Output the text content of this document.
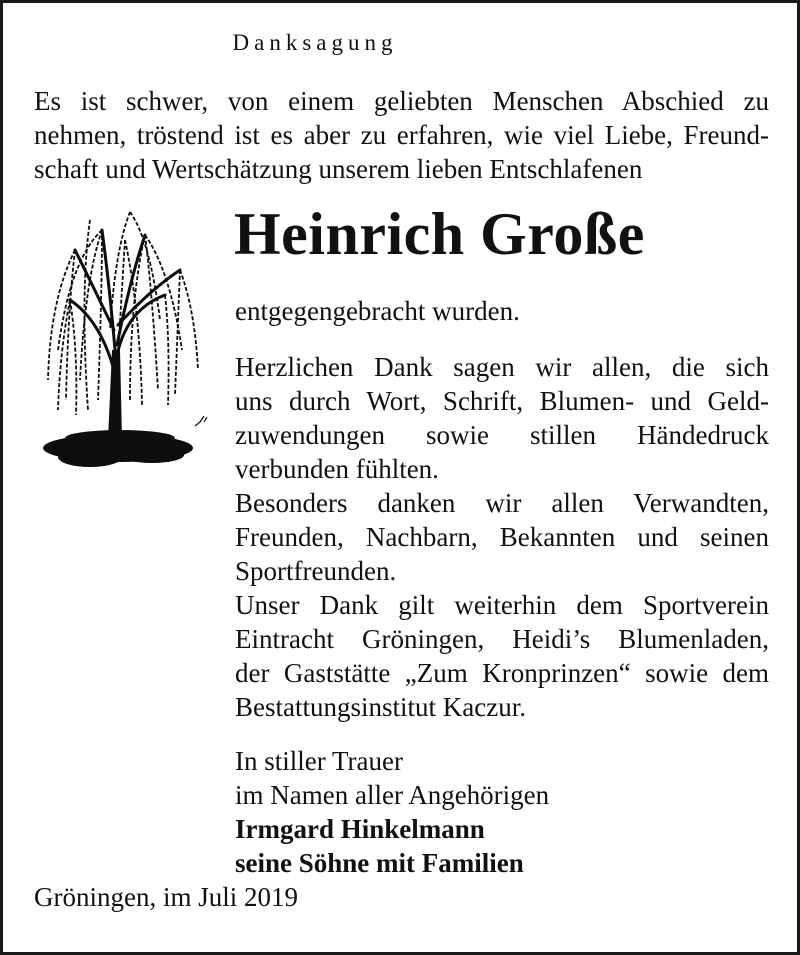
Danksagung
Es ist schwer, von einem geliebten Menschen Abschied zu
nehmen, tröstend ist es aber zu erfahren, wie viel Liebe, Freund-
schaft und Wertschätzung unserem lieben Entschlafenen
Heinrich Große
entgegengebracht wurden.
Herzlichen Dank sagen wir allen, die sich
uns durch Wort, Schrift, Blumen- und Geld-
zuwendungen sowie stillen Händedruck
verbunden fühlten.
Besonders danken wir allen Verwandten,
Freunden, Nachbarn, Bekannten und seinen
Sportfreunden.
Unser Dank gilt weiterhin dem Sportverein
Eintracht Gröningen, Heidi’s Blumenladen,
der Gaststätte „Zum Kronprinzen“ sowie dem
Bestattungsinstitut Kaczur.
In stiller Trauer
im Namen aller Angehörigen
Irmgard Hinkelmann
seine Söhne mit Familien
Gröningen, im Juli 2019
